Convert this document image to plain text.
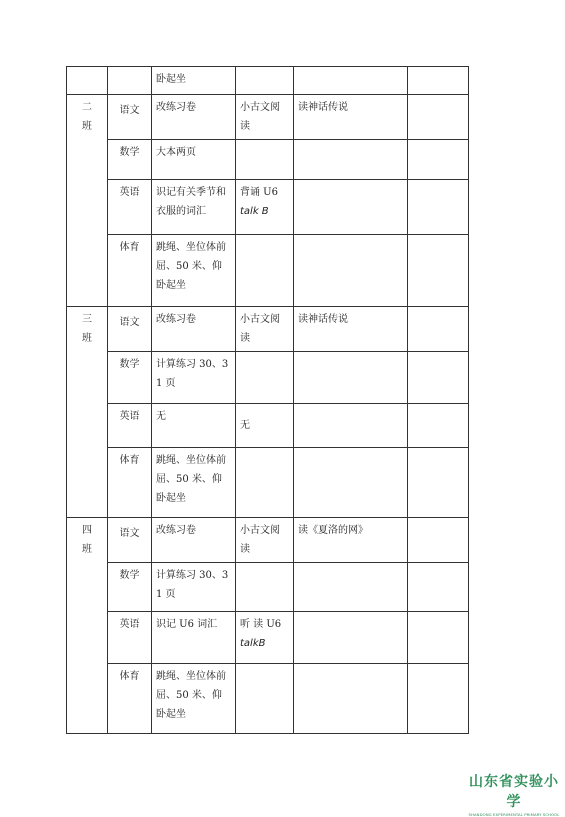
		卧起坐			

二
班	语文	改练习卷	小古文阅读	读神话传说	
	数学	大本两页			
	英语	识记有关季节和衣服的词汇	背诵 U6
talk B		

	体育	跳绳、坐位体前屈、50 米、仰卧起坐			

三
班	语文	改练习卷	小古文阅读	读神话传说	
	数学	计算练习 30、31 页			
	英语	无	无		
	体育	跳绳、坐位体前屈、50 米、仰卧起坐			

四
班	语文	改练习卷	小古文阅读	读《夏洛的网》	
	数学	计算练习 30、31 页			
	英语	识记 U6 词汇	听 读 U6
talkB		

	体育	跳绳、坐位体前屈、50 米、仰卧起坐			
山东省实验小学
SHANDONG EXPERIMENTAL PRIMARY SCHOOL
